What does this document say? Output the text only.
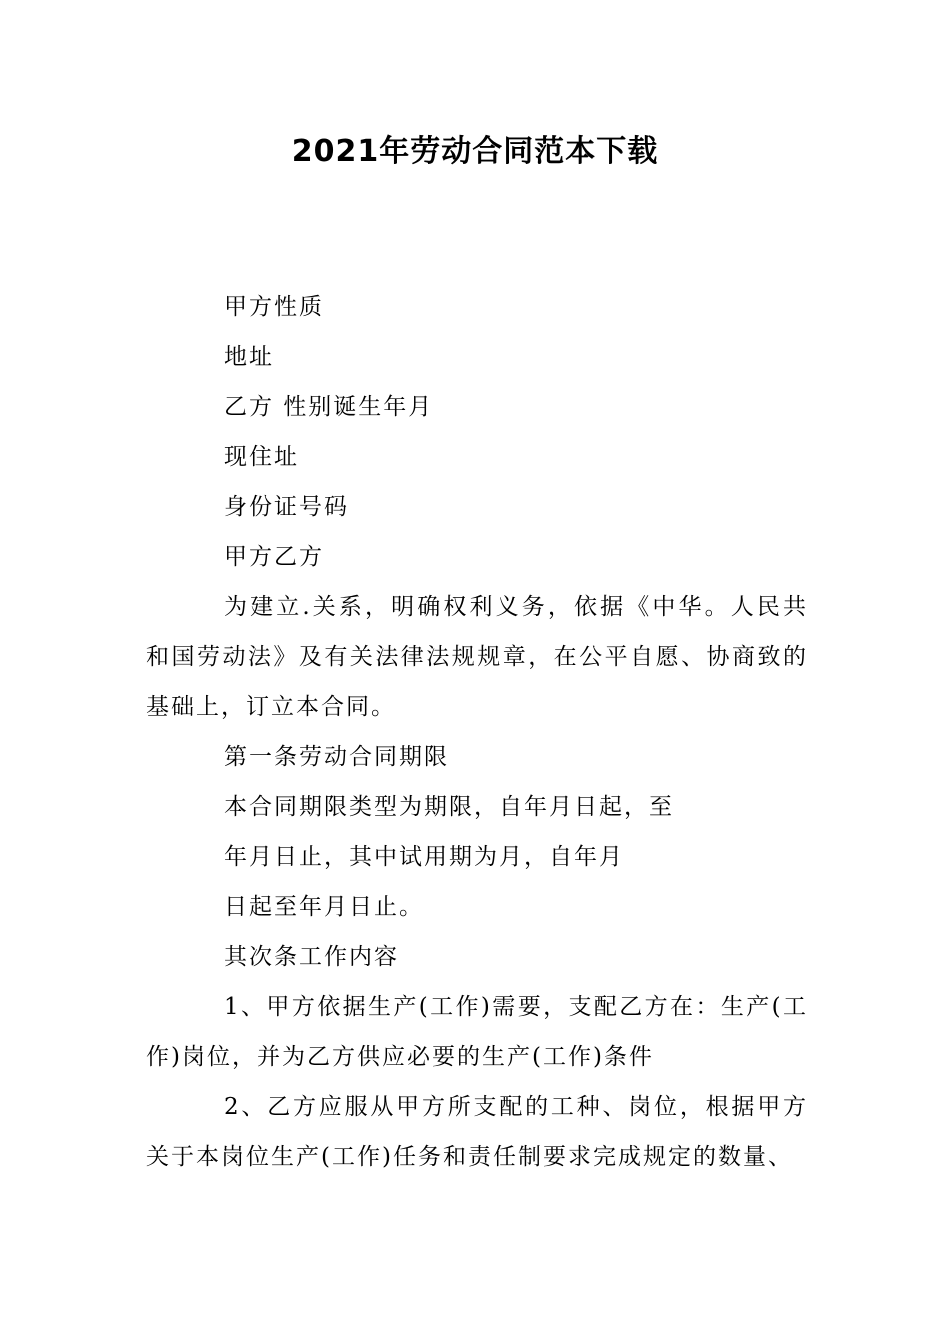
2021年劳动合同范本下载

甲方性质

地址

乙方 性别诞生年月

现住址

身份证号码

甲方乙方

为建立.关系，明确权利义务，依据《中华。人民共和国劳动法》及有关法律法规规章，在公平自愿、协商致的基础上，订立本合同。

第一条劳动合同期限

本合同期限类型为期限，自年月日起，至

年月日止，其中试用期为月，自年月

日起至年月日止。

其次条工作内容

1、甲方依据生产(工作)需要，支配乙方在：生产(工作)岗位，并为乙方供应必要的生产(工作)条件

2、乙方应服从甲方所支配的工种、岗位，根据甲方关于本岗位生产(工作)任务和责任制要求完成规定的数量、
